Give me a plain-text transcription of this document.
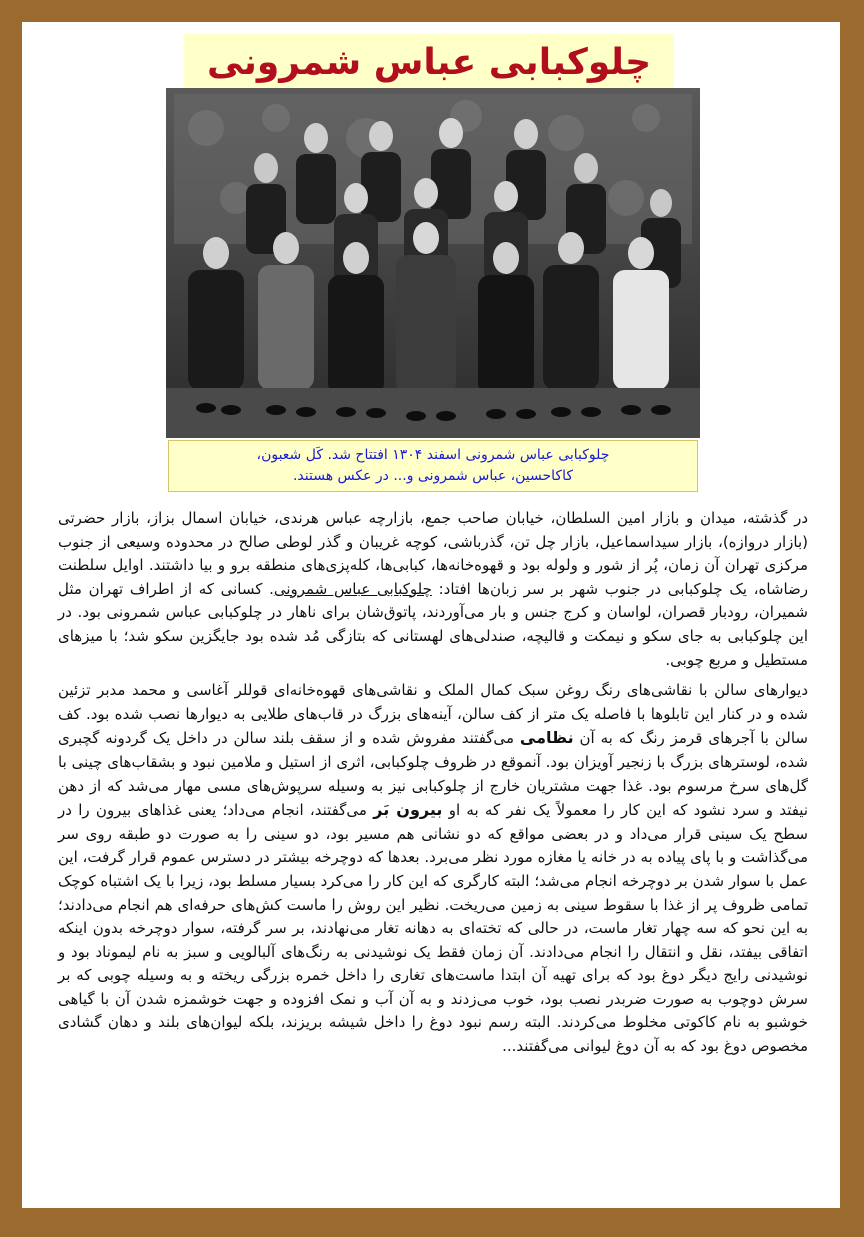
چلوکبابی عباس شمرونی
چلوکبابی عباس شمرونی اسفند ۱۳۰۴ افتتاح شد. کَل شعبون،
کاکاحسین، عباس شمرونی و... در عکس هستند.

در گذشته، میدان و بازار امین السلطان، خیابان صاحب جمع، بازارچه عباس هرندی، خیابان اسمال بزاز، بازار حضرتی (بازار دروازه)، بازار سیداسماعیل، بازار چل تن، گذرباشی، کوچه غریبان و گذر لوطی صالح در محدوده وسیعی از جنوب مرکزی تهران آن زمان، پُر از شور و ولوله بود و قهوه‌خانه‌ها، کبابی‌ها، کله‌پزی‌های منطقه برو و بیا داشتند. اوایل سلطنت رضاشاه، یک چلوکبابی در جنوب شهر بر سر زبان‌ها افتاد: چلوکبابی عباس شمرونی. کسانی که از اطراف تهران مثل شمیران، رودبار قصران، لواسان و کرج جنس و بار می‌آوردند، پاتوق‌شان برای ناهار در چلوکبابی عباس شمرونی بود. در این چلوکبابی به جای سکو و نیمکت و قالیچه، صندلی‌های لهستانی که بتازگی مُد شده بود جایگزین سکو شد؛ با میزهای مستطیل و مربع چوبی.

دیوارهای سالن با نقاشی‌های رنگ روغن سبک کمال الملک و نقاشی‌های قهوه‌خانه‌ای قوللر آغاسی و محمد مدبر تزئین شده و در کنار این تابلوها با فاصله یک متر از کف سالن، آینه‌های بزرگ در قاب‌های طلایی به دیوارها نصب شده بود. کف سالن با آجرهای قرمز رنگ که به آن نظامی می‌گفتند مفروش شده و از سقف بلند سالن در داخل یک گردونه گچبری شده، لوسترهای بزرگ با زنجیر آویزان بود. آنموقع در ظروف چلوکبابی، اثری از استیل و ملامین نبود و بشقاب‌های چینی با گل‌های سرخ مرسوم بود. غذا جهت مشتریان خارج از چلوکبابی نیز به وسیله سرپوش‌های مسی مهار می‌شد که از دهن نیفتد و سرد نشود که این کار را معمولاً یک نفر که به او بیرون بَر می‌گفتند، انجام می‌داد؛ یعنی غذاهای بیرون را در سطح یک سینی قرار می‌داد و در بعضی مواقع که دو نشانی هم مسیر بود، دو سینی را به صورت دو طبقه روی سر می‌گذاشت و با پای پیاده به در خانه یا مغازه مورد نظر می‌برد. بعدها که دوچرخه بیشتر در دسترس عموم قرار گرفت، این عمل با سوار شدن بر دوچرخه انجام می‌شد؛ البته کارگری که این کار را می‌کرد بسیار مسلط بود، زیرا با یک اشتباه کوچک تمامی ظروف پر از غذا با سقوط سینی به زمین می‌ریخت. نظیر این روش را ماست کش‌های حرفه‌ای هم انجام می‌دادند؛ به این نحو که سه چهار تغار ماست، در حالی که تخته‌ای به دهانه تغار می‌نهادند، بر سر گرفته، سوار دوچرخه بدون اینکه اتفاقی بیفتد، نقل و انتقال را انجام می‌دادند. آن زمان فقط یک نوشیدنی به رنگ‌های آلبالویی و سبز به نام لیموناد بود و نوشیدنی رایج دیگر دوغ بود که برای تهیه آن ابتدا ماست‌های تغاری را داخل خمره بزرگی ریخته و به وسیله چوبی که بر سرش دوچوب به صورت ضربدر نصب بود، خوب می‌زدند و به آن آب و نمک افزوده و جهت خوشمزه شدن آن با گیاهی خوشبو به نام کاکوتی مخلوط می‌کردند. البته رسم نبود دوغ را داخل شیشه بریزند، بلکه لیوان‌های بلند و دهان گشادی مخصوص دوغ بود که به آن دوغ لیوانی می‌گفتند...
